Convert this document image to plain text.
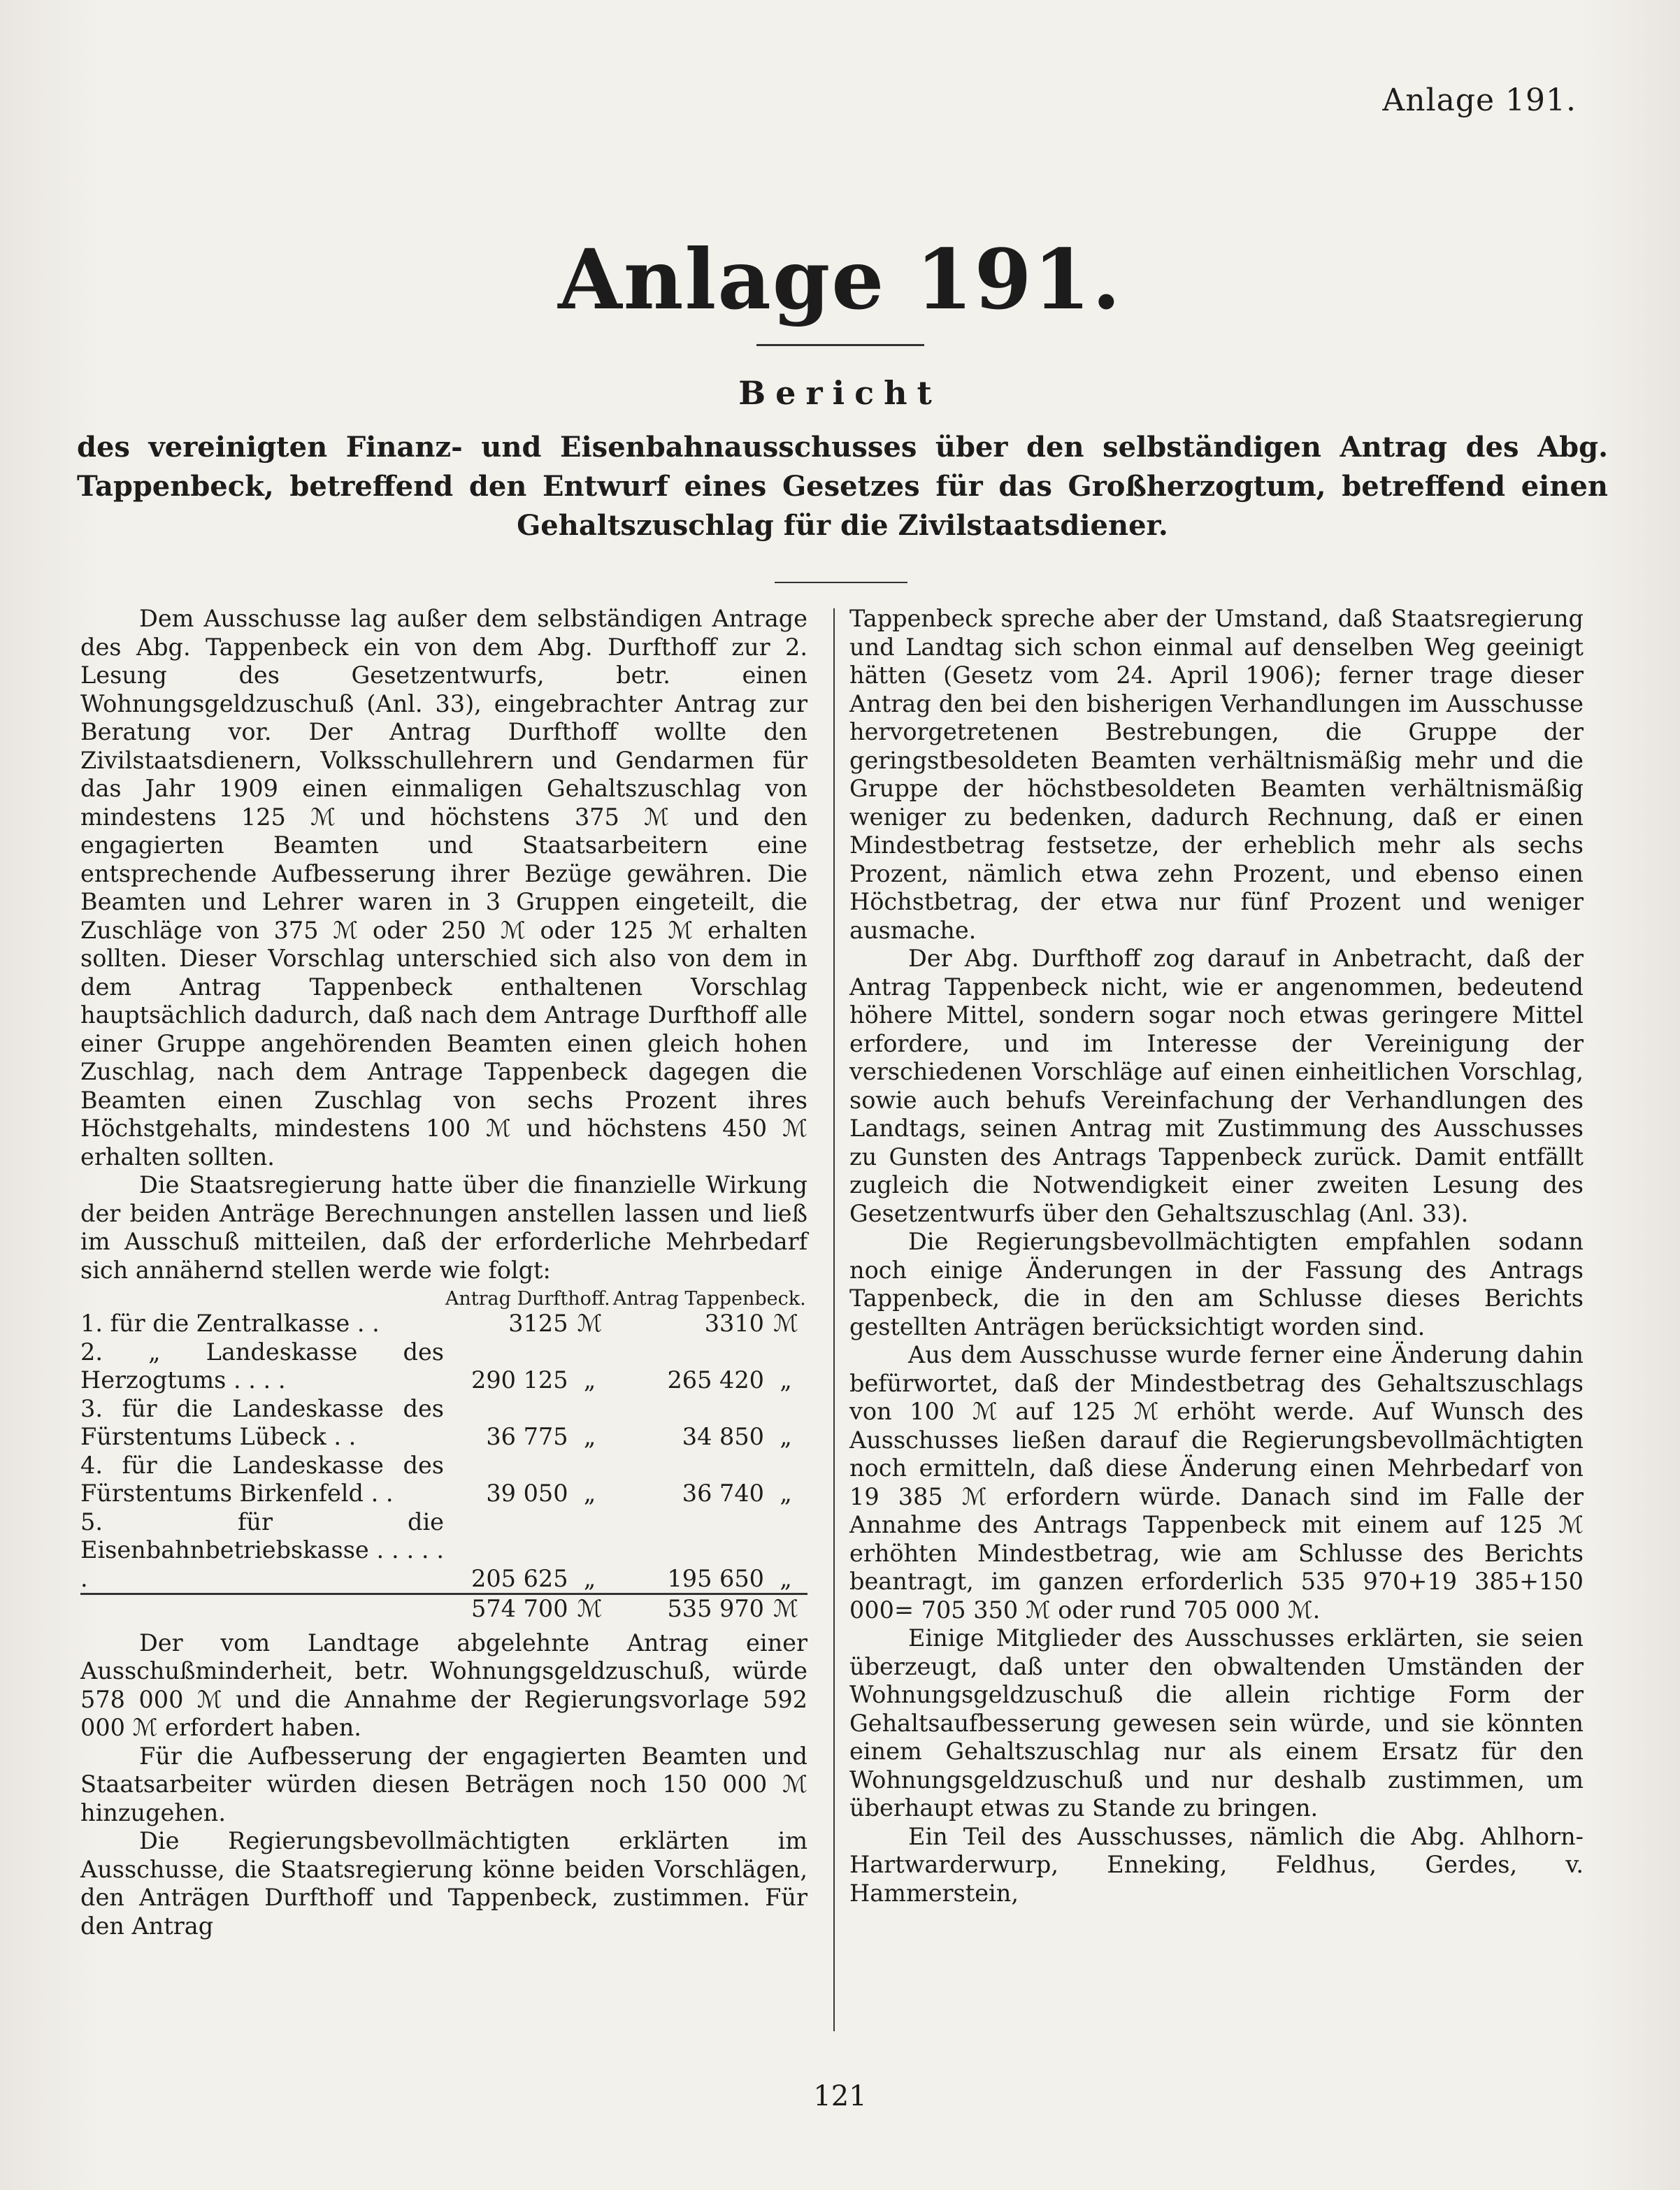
Anlage 191.
Anlage 191.
Bericht
des vereinigten Finanz- und Eisenbahnausschusses über den selbständigen Antrag des Abg. Tappenbeck, betreffend den Entwurf eines Gesetzes für das Großherzogtum, betreffend einen Gehaltszuschlag für die Zivilstaatsdiener.

Dem Ausschusse lag außer dem selbständigen Antrage des Abg. Tappenbeck ein von dem Abg. Durfthoff zur 2. Lesung des Gesetzentwurfs, betr. einen Wohnungsgeldzuschuß (Anl. 33), eingebrachter Antrag zur Beratung vor. Der Antrag Durfthoff wollte den Zivilstaatsdienern, Volksschullehrern und Gendarmen für das Jahr 1909 einen einmaligen Gehaltszuschlag von mindestens 125 ℳ und höchstens 375 ℳ und den engagierten Beamten und Staatsarbeitern eine entsprechende Aufbesserung ihrer Bezüge gewähren. Die Beamten und Lehrer waren in 3 Gruppen eingeteilt, die Zuschläge von 375 ℳ oder 250 ℳ oder 125 ℳ erhalten sollten. Dieser Vorschlag unterschied sich also von dem in dem Antrag Tappenbeck enthaltenen Vorschlag hauptsächlich dadurch, daß nach dem Antrage Durfthoff alle einer Gruppe angehörenden Beamten einen gleich hohen Zuschlag, nach dem Antrage Tappenbeck dagegen die Beamten einen Zuschlag von sechs Prozent ihres Höchstgehalts, mindestens 100 ℳ und höchstens 450 ℳ erhalten sollten.

Die Staatsregierung hatte über die finanzielle Wirkung der beiden Anträge Berechnungen anstellen lassen und ließ im Ausschuß mitteilen, daß der erforderliche Mehrbedarf sich annähernd stellen werde wie folgt:

	Antrag Durfthoff.		Antrag Tappenbeck.	
1. für die Zentralkasse . .	3125	ℳ	3310	ℳ
2. „ Landeskasse des Herzogtums . . . .	290 125	„	265 420	„
3. für die Landeskasse des Fürstentums Lübeck . .	36 775	„	34 850	„
4. für die Landeskasse des Fürstentums Birkenfeld . .	39 050	„	36 740	„
5. für die Eisenbahnbetriebskasse . . . . . .	205 625	„	195 650	„
	574 700	ℳ	535 970	ℳ

Der vom Landtage abgelehnte Antrag einer Ausschußminderheit, betr. Wohnungsgeldzuschuß, würde 578 000 ℳ und die Annahme der Regierungsvorlage 592 000 ℳ erfordert haben.

Für die Aufbesserung der engagierten Beamten und Staatsarbeiter würden diesen Beträgen noch 150 000 ℳ hinzugehen.

Die Regierungsbevollmächtigten erklärten im Ausschusse, die Staatsregierung könne beiden Vorschlägen, den Anträgen Durfthoff und Tappenbeck, zustimmen. Für den Antrag

Tappenbeck spreche aber der Umstand, daß Staatsregierung und Landtag sich schon einmal auf denselben Weg geeinigt hätten (Gesetz vom 24. April 1906); ferner trage dieser Antrag den bei den bisherigen Verhandlungen im Ausschusse hervorgetretenen Bestrebungen, die Gruppe der geringstbesoldeten Beamten verhältnismäßig mehr und die Gruppe der höchstbesoldeten Beamten verhältnismäßig weniger zu bedenken, dadurch Rechnung, daß er einen Mindestbetrag festsetze, der erheblich mehr als sechs Prozent, nämlich etwa zehn Prozent, und ebenso einen Höchstbetrag, der etwa nur fünf Prozent und weniger ausmache.

Der Abg. Durfthoff zog darauf in Anbetracht, daß der Antrag Tappenbeck nicht, wie er angenommen, bedeutend höhere Mittel, sondern sogar noch etwas geringere Mittel erfordere, und im Interesse der Vereinigung der verschiedenen Vorschläge auf einen einheitlichen Vorschlag, sowie auch behufs Vereinfachung der Verhandlungen des Landtags, seinen Antrag mit Zustimmung des Ausschusses zu Gunsten des Antrags Tappenbeck zurück. Damit entfällt zugleich die Notwendigkeit einer zweiten Lesung des Gesetzentwurfs über den Gehaltszuschlag (Anl. 33).

Die Regierungsbevollmächtigten empfahlen sodann noch einige Änderungen in der Fassung des Antrags Tappenbeck, die in den am Schlusse dieses Berichts gestellten Anträgen berücksichtigt worden sind.

Aus dem Ausschusse wurde ferner eine Änderung dahin befürwortet, daß der Mindestbetrag des Gehaltszuschlags von 100 ℳ auf 125 ℳ erhöht werde. Auf Wunsch des Ausschusses ließen darauf die Regierungsbevollmächtigten noch ermitteln, daß diese Änderung einen Mehrbedarf von 19 385 ℳ erfordern würde. Danach sind im Falle der Annahme des Antrags Tappenbeck mit einem auf 125 ℳ erhöhten Mindestbetrag, wie am Schlusse des Berichts beantragt, im ganzen erforderlich 535 970+19 385+150 000= 705 350 ℳ oder rund 705 000 ℳ.

Einige Mitglieder des Ausschusses erklärten, sie seien überzeugt, daß unter den obwaltenden Umständen der Wohnungsgeldzuschuß die allein richtige Form der Gehaltsaufbesserung gewesen sein würde, und sie könnten einem Gehaltszuschlag nur als einem Ersatz für den Wohnungsgeldzuschuß und nur deshalb zustimmen, um überhaupt etwas zu Stande zu bringen.

Ein Teil des Ausschusses, nämlich die Abg. Ahlhorn-Hartwarderwurp, Enneking, Feldhus, Gerdes, v. Hammerstein,

121
